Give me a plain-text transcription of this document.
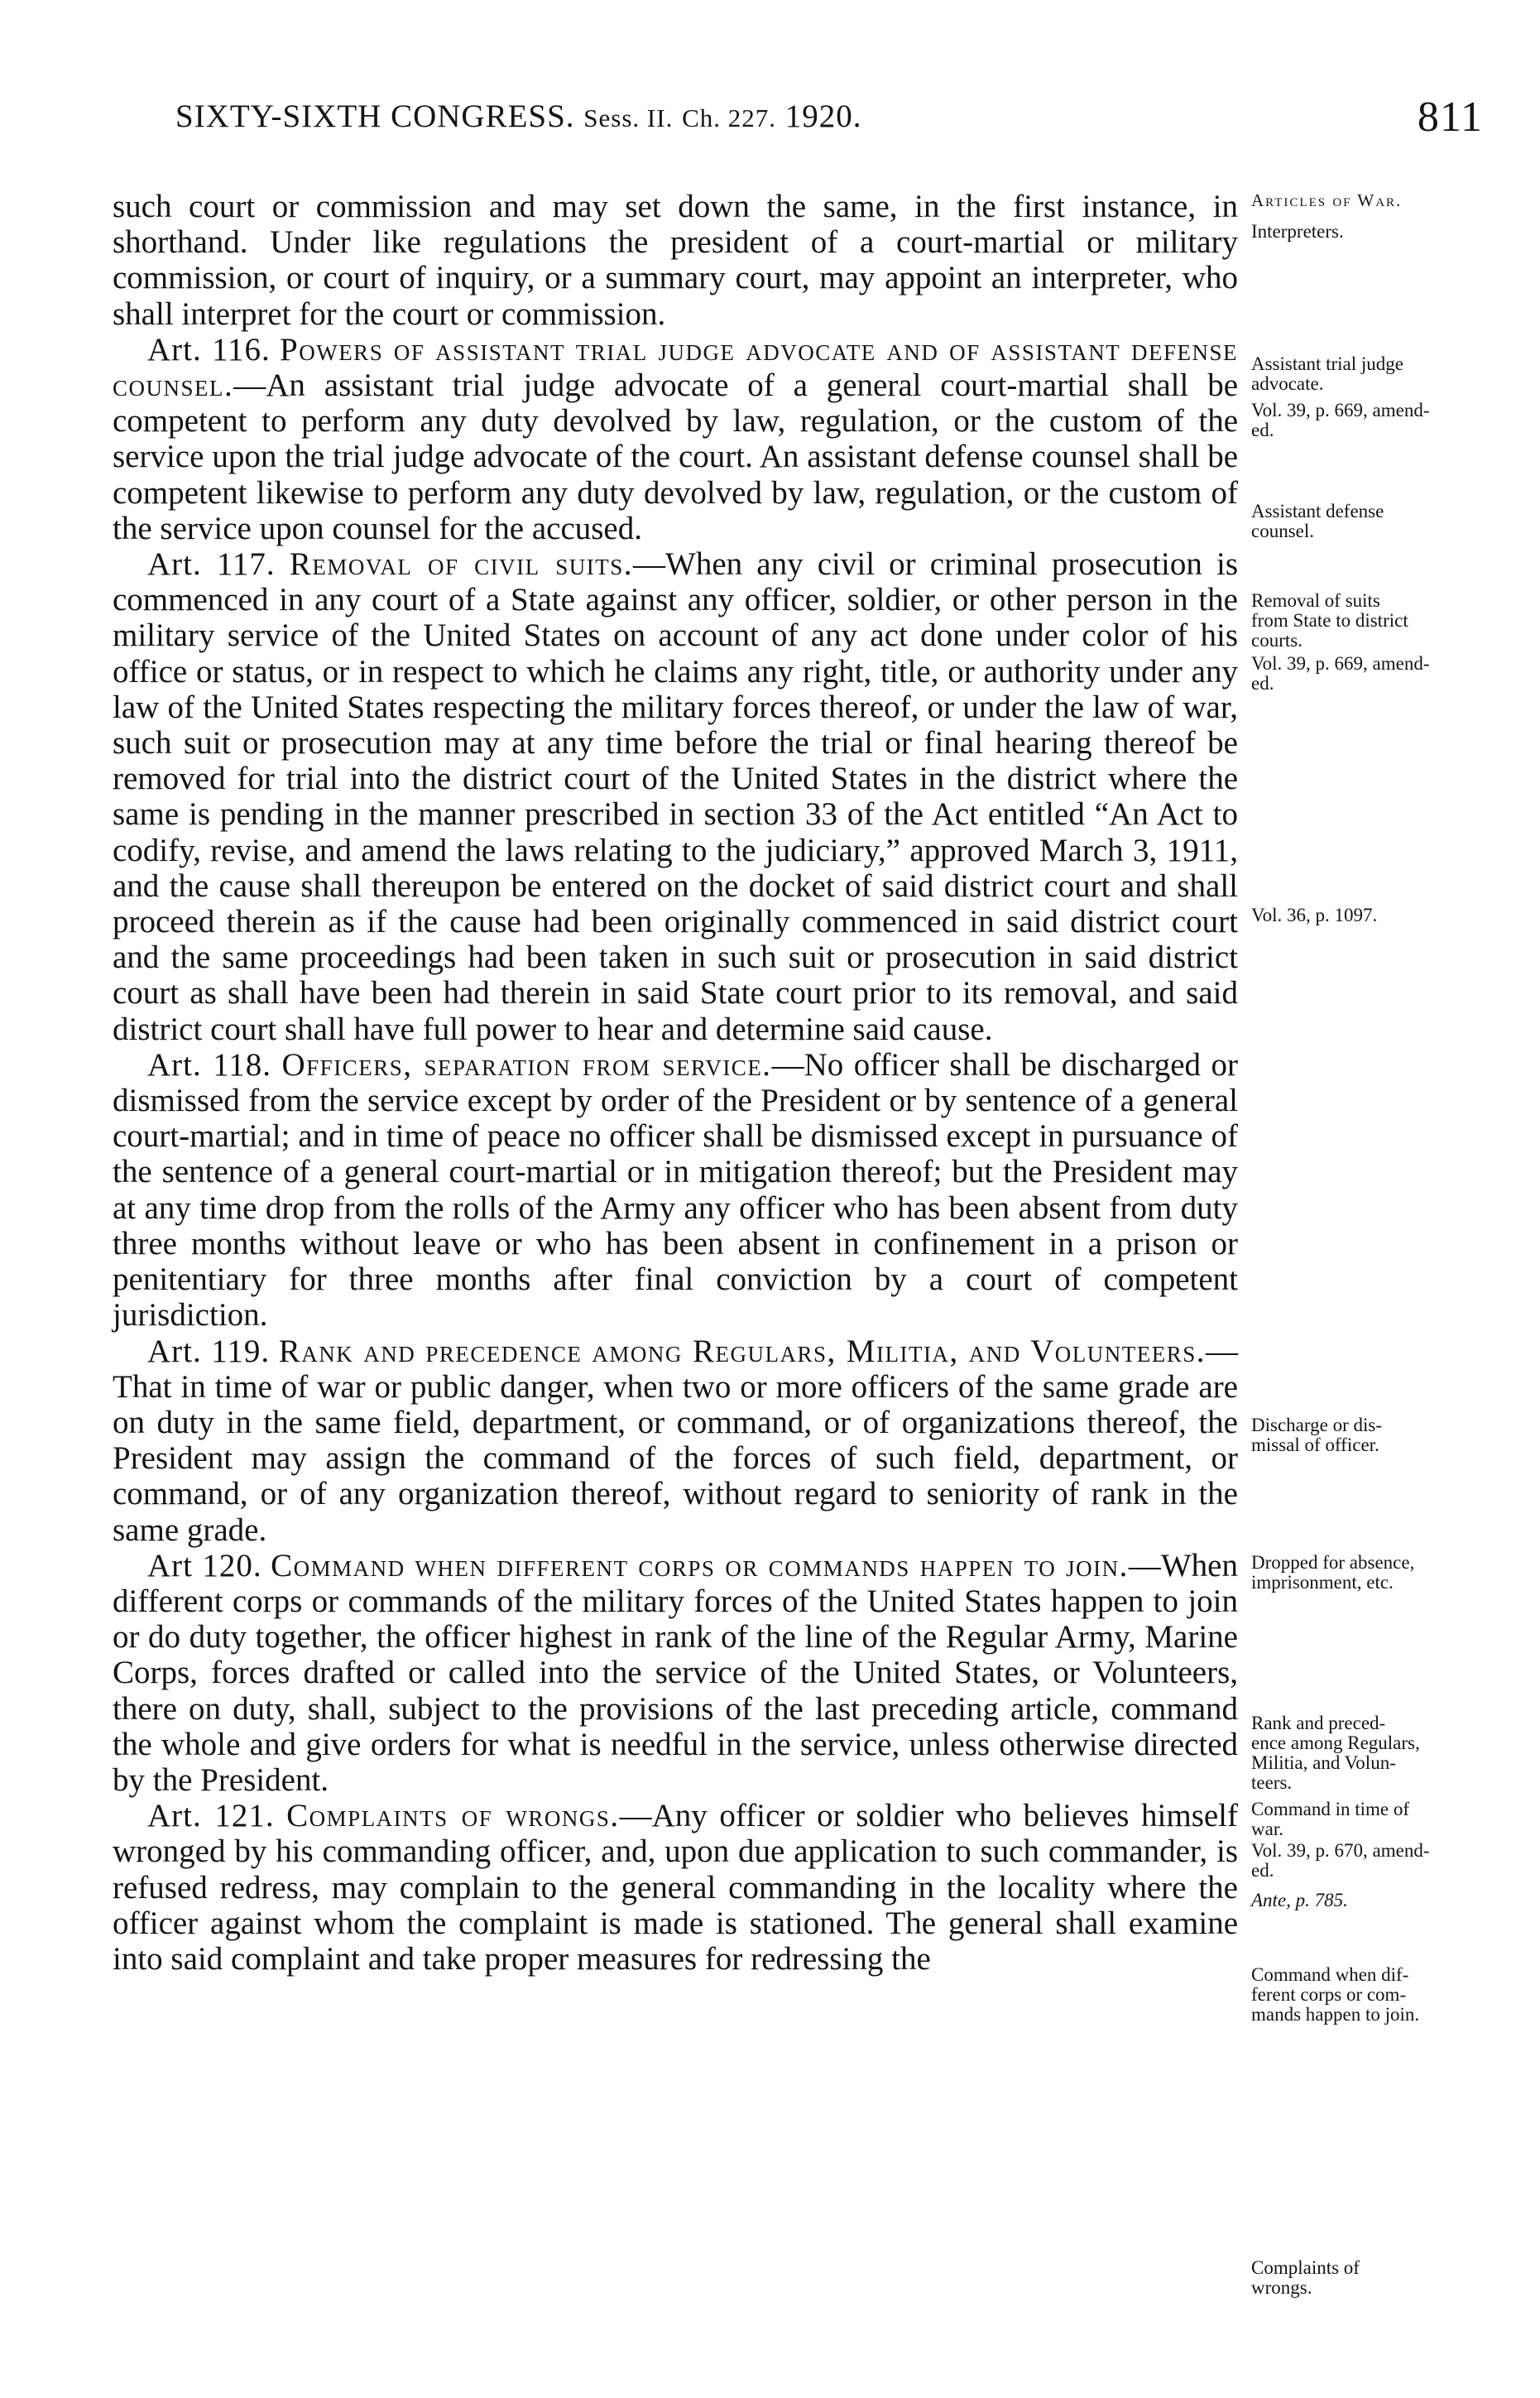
SIXTY-SIXTH CONGRESS. Sess. II. Ch. 227. 1920.	811

such court or commission and may set down the same, in the first instance, in shorthand. Under like regulations the president of a court-martial or military commission, or court of inquiry, or a summary court, may appoint an interpreter, who shall interpret for the court or commission.

Art. 116. Powers of assistant trial judge advocate and of assistant defense counsel.—An assistant trial judge advocate of a general court-martial shall be competent to perform any duty devolved by law, regulation, or the custom of the service upon the trial judge advocate of the court. An assistant defense counsel shall be competent likewise to perform any duty devolved by law, regulation, or the custom of the service upon counsel for the accused.

Art. 117. Removal of civil suits.—When any civil or criminal prosecution is commenced in any court of a State against any officer, soldier, or other person in the military service of the United States on account of any act done under color of his office or status, or in respect to which he claims any right, title, or authority under any law of the United States respecting the military forces thereof, or under the law of war, such suit or prosecution may at any time before the trial or final hearing thereof be removed for trial into the district court of the United States in the district where the same is pending in the manner prescribed in section 33 of the Act entitled “An Act to codify, revise, and amend the laws relating to the judiciary,” approved March 3, 1911, and the cause shall thereupon be entered on the docket of said district court and shall proceed therein as if the cause had been originally commenced in said district court and the same proceedings had been taken in such suit or prosecution in said district court as shall have been had therein in said State court prior to its removal, and said district court shall have full power to hear and determine said cause.

Art. 118. Officers, separation from service.—No officer shall be discharged or dismissed from the service except by order of the President or by sentence of a general court-martial; and in time of peace no officer shall be dismissed except in pursuance of the sentence of a general court-martial or in mitigation thereof; but the President may at any time drop from the rolls of the Army any officer who has been absent from duty three months without leave or who has been absent in confinement in a prison or penitentiary for three months after final conviction by a court of competent jurisdiction.

Art. 119. Rank and precedence among Regulars, Militia, and Volunteers.—That in time of war or public danger, when two or more officers of the same grade are on duty in the same field, department, or command, or of organizations thereof, the President may assign the command of the forces of such field, department, or command, or of any organization thereof, without regard to seniority of rank in the same grade.

Art 120. Command when different corps or commands happen to join.—When different corps or commands of the military forces of the United States happen to join or do duty together, the officer highest in rank of the line of the Regular Army, Marine Corps, forces drafted or called into the service of the United States, or Volunteers, there on duty, shall, subject to the provisions of the last preceding article, command the whole and give orders for what is needful in the service, unless otherwise directed by the President.

Art. 121. Complaints of wrongs.—Any officer or soldier who believes himself wronged by his commanding officer, and, upon due application to such commander, is refused redress, may complain to the general commanding in the locality where the officer against whom the complaint is made is stationed. The general shall examine into said complaint and take proper measures for redressing the

Articles of War.
Interpreters.
Assistant trial judge
advocate.
Vol. 39, p. 669, amend-
ed.
Assistant defense
counsel.
Removal of suits
from State to district
courts.
Vol. 39, p. 669, amend-
ed.
Vol. 36, p. 1097.
Discharge or dis-
missal of officer.
Dropped for absence,
imprisonment, etc.
Rank and preced-
ence among Regulars,
Militia, and Volun-
teers.
Command in time of
war.
Vol. 39, p. 670, amend-
ed.
Ante, p. 785.
Command when dif-
ferent corps or com-
mands happen to join.
Complaints of
wrongs.
